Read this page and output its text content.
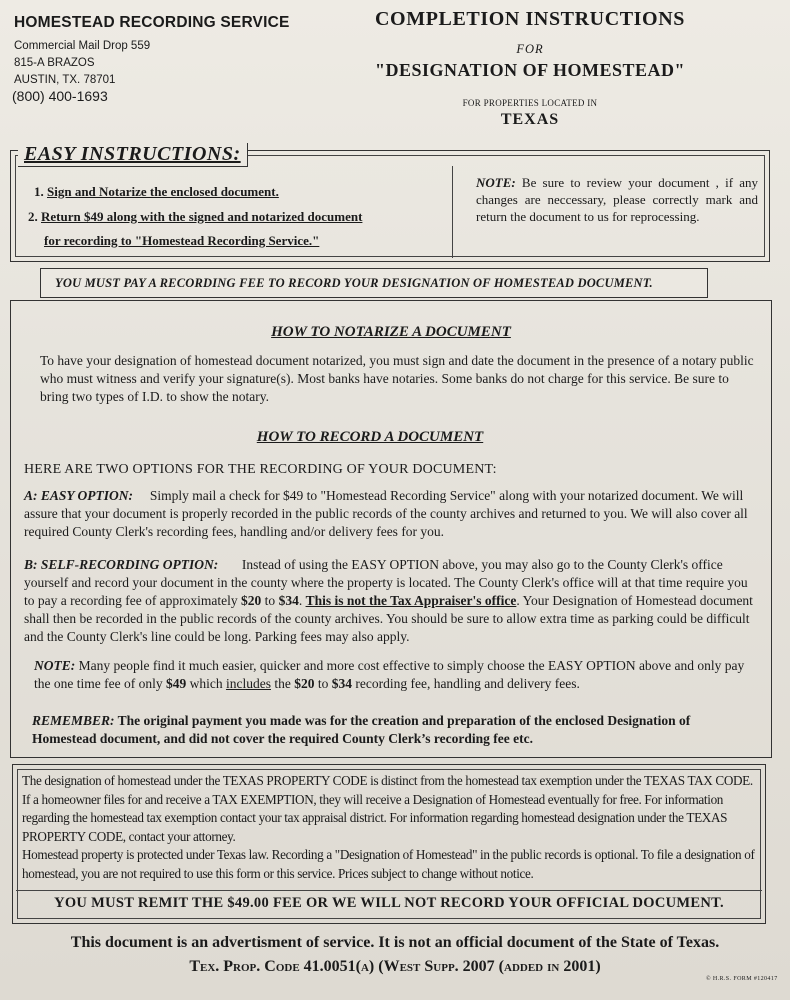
HOMESTEAD RECORDING SERVICE
Commercial Mail Drop 559
815-A BRAZOS
AUSTIN, TX. 78701
(800) 400-1693
COMPLETION INSTRUCTIONS
FOR
"DESIGNATION OF HOMESTEAD"
FOR PROPERTIES LOCATED IN
TEXAS
EASY INSTRUCTIONS:
1. Sign and Notarize the enclosed document.
2. Return $49 along with the signed and notarized document
for recording to "Homestead Recording Service."
NOTE: Be sure to review your document , if any changes are neccessary, please correctly mark and return the document to us for reprocessing.
YOU MUST PAY A RECORDING FEE TO RECORD YOUR DESIGNATION OF HOMESTEAD DOCUMENT.
HOW TO NOTARIZE A DOCUMENT
To have your designation of homestead document notarized, you must sign and date the document in the presence of a notary public who must witness and verify your signature(s). Most banks have notaries. Some banks do not charge for this service. Be sure to bring two types of I.D. to show the notary.
HOW TO RECORD A DOCUMENT
HERE ARE TWO OPTIONS FOR THE RECORDING OF YOUR DOCUMENT:
A: EASY OPTION: Simply mail a check for $49 to "Homestead Recording Service" along with your notarized document. We will assure that your document is properly recorded in the public records of the county archives and returned to you. We will also cover all required County Clerk's recording fees, handling and/or delivery fees for you.
B: SELF-RECORDING OPTION: Instead of using the EASY OPTION above, you may also go to the County Clerk's office yourself and record your document in the county where the property is located. The County Clerk's office will at that time require you to pay a recording fee of approximately $20 to $34. This is not the Tax Appraiser's office. Your Designation of Homestead document shall then be recorded in the public records of the county archives. You should be sure to allow extra time as parking could be difficult and the County Clerk's line could be long. Parking fees may also apply.
NOTE: Many people find it much easier, quicker and more cost effective to simply choose the EASY OPTION above and only pay the one time fee of only $49 which includes the $20 to $34 recording fee, handling and delivery fees.
REMEMBER: The original payment you made was for the creation and preparation of the enclosed Designation of Homestead document, and did not cover the required County Clerk’s recording fee etc.
The designation of homestead under the TEXAS PROPERTY CODE is distinct from the homestead tax exemption under the TEXAS TAX CODE. If a homeowner files for and receive a TAX EXEMPTION, they will receive a Designation of Homestead eventually for free. For information regarding the homestead tax exemption contact your tax appraisal district. For information regarding homestead designation under the TEXAS PROPERTY CODE, contact your attorney.
Homestead property is protected under Texas law. Recording a "Designation of Homestead" in the public records is optional. To file a designation of homestead, you are not required to use this form or this service. Prices subject to change without notice.
YOU MUST REMIT THE $49.00 FEE OR WE WILL NOT RECORD YOUR OFFICIAL DOCUMENT.
This document is an advertisment of service. It is not an official document of the State of Texas.
Tex. Prop. Code 41.0051(a) (West Supp. 2007 (added in 2001)
© H.R.S. FORM #120417
